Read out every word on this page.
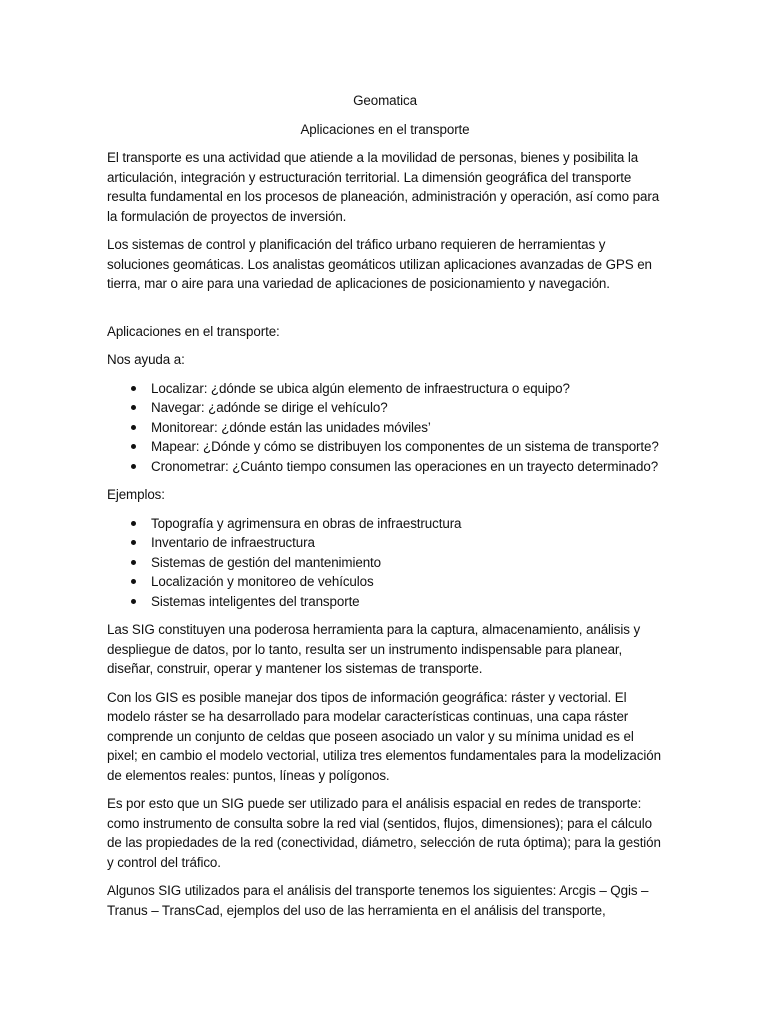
Geomatica
Aplicaciones en el transporte

El transporte es una actividad que atiende a la movilidad de personas, bienes y posibilita la articulación, integración y estructuración territorial. La dimensión geográfica del transporte resulta fundamental en los procesos de planeación, administración y operación, así como para la formulación de proyectos de inversión.

Los sistemas de control y planificación del tráfico urbano requieren de herramientas y soluciones geomáticas. Los analistas geomáticos utilizan aplicaciones avanzadas de GPS en tierra, mar o aire para una variedad de aplicaciones de posicionamiento y navegación.

Aplicaciones en el transporte:

Nos ayuda a:

Localizar: ¿dónde se ubica algún elemento de infraestructura o equipo?
Navegar: ¿adónde se dirige el vehículo?
Monitorear: ¿dónde están las unidades móviles’
Mapear: ¿Dónde y cómo se distribuyen los componentes de un sistema de transporte?
Cronometrar: ¿Cuánto tiempo consumen las operaciones en un trayecto determinado?

Ejemplos:

Topografía y agrimensura en obras de infraestructura
Inventario de infraestructura
Sistemas de gestión del mantenimiento
Localización y monitoreo de vehículos
Sistemas inteligentes del transporte

Las SIG constituyen una poderosa herramienta para la captura, almacenamiento, análisis y despliegue de datos, por lo tanto, resulta ser un instrumento indispensable para planear, diseñar, construir, operar y mantener los sistemas de transporte.

Con los GIS es posible manejar dos tipos de información geográfica: ráster y vectorial. El modelo ráster se ha desarrollado para modelar características continuas, una capa ráster comprende un conjunto de celdas que poseen asociado un valor y su mínima unidad es el pixel; en cambio el modelo vectorial, utiliza tres elementos fundamentales para la modelización de elementos reales: puntos, líneas y polígonos.

Es por esto que un SIG puede ser utilizado para el análisis espacial en redes de transporte: como instrumento de consulta sobre la red vial (sentidos, flujos, dimensiones); para el cálculo de las propiedades de la red (conectividad, diámetro, selección de ruta óptima); para la gestión y control del tráfico.

Algunos SIG utilizados para el análisis del transporte tenemos los siguientes: Arcgis – Qgis – Tranus – TransCad, ejemplos del uso de las herramienta en el análisis del transporte,
